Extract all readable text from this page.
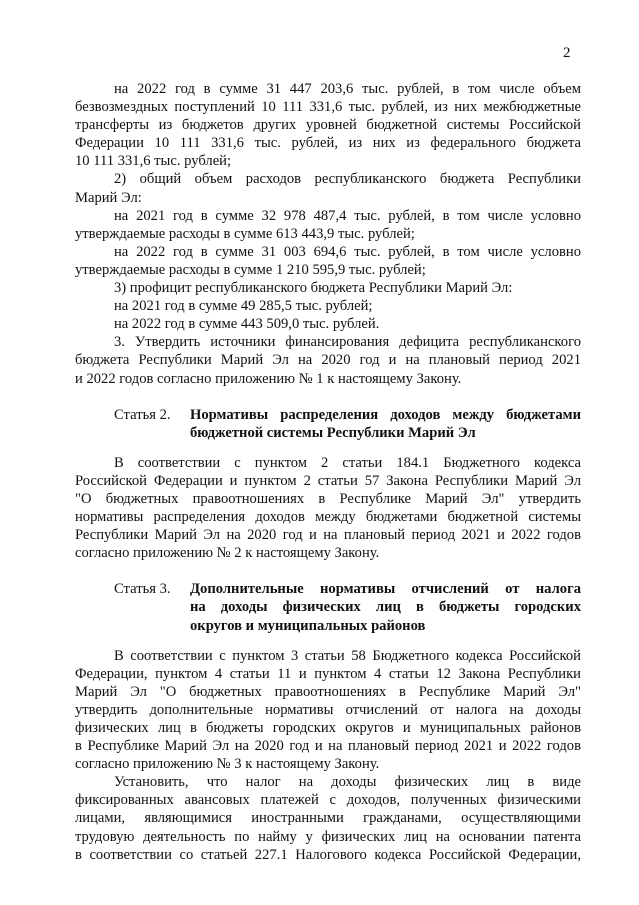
2
на 2022 год в сумме 31 447 203,6 тыс. рублей, в том числе объем
безвозмездных поступлений 10 111 331,6 тыс. рублей, из них межбюджетные
трансферты из бюджетов других уровней бюджетной системы Российской
Федерации 10 111 331,6 тыс. рублей, из них из федерального бюджета
10 111 331,6 тыс. рублей;
2) общий объем расходов республиканского бюджета Республики
Марий Эл:
на 2021 год в сумме 32 978 487,4 тыс. рублей, в том числе условно
утверждаемые расходы в сумме 613 443,9 тыс. рублей;
на 2022 год в сумме 31 003 694,6 тыс. рублей, в том числе условно
утверждаемые расходы в сумме 1 210 595,9 тыс. рублей;
3) профицит республиканского бюджета Республики Марий Эл:
на 2021 год в сумме 49 285,5 тыс. рублей;
на 2022 год в сумме 443 509,0 тыс. рублей.
3. Утвердить источники финансирования дефицита республиканского
бюджета Республики Марий Эл на 2020 год и на плановый период 2021
и 2022 годов согласно приложению № 1 к настоящему Закону.
Статья 2. Нормативы распределения доходов между бюджетами
бюджетной системы Республики Марий Эл
В соответствии с пунктом 2 статьи 184.1 Бюджетного кодекса
Российской Федерации и пунктом 2 статьи 57 Закона Республики Марий Эл
"О бюджетных правоотношениях в Республике Марий Эл" утвердить
нормативы распределения доходов между бюджетами бюджетной системы
Республики Марий Эл на 2020 год и на плановый период 2021 и 2022 годов
согласно приложению № 2 к настоящему Закону.
Статья 3. Дополнительные нормативы отчислений от налога
на доходы физических лиц в бюджеты городских
округов и муниципальных районов
В соответствии с пунктом 3 статьи 58 Бюджетного кодекса Российской
Федерации, пунктом 4 статьи 11 и пунктом 4 статьи 12 Закона Республики
Марий Эл "О бюджетных правоотношениях в Республике Марий Эл"
утвердить дополнительные нормативы отчислений от налога на доходы
физических лиц в бюджеты городских округов и муниципальных районов
в Республике Марий Эл на 2020 год и на плановый период 2021 и 2022 годов
согласно приложению № 3 к настоящему Закону.
Установить, что налог на доходы физических лиц в виде
фиксированных авансовых платежей с доходов, полученных физическими
лицами, являющимися иностранными гражданами, осуществляющими
трудовую деятельность по найму у физических лиц на основании патента
в соответствии со статьей 227.1 Налогового кодекса Российской Федерации,
